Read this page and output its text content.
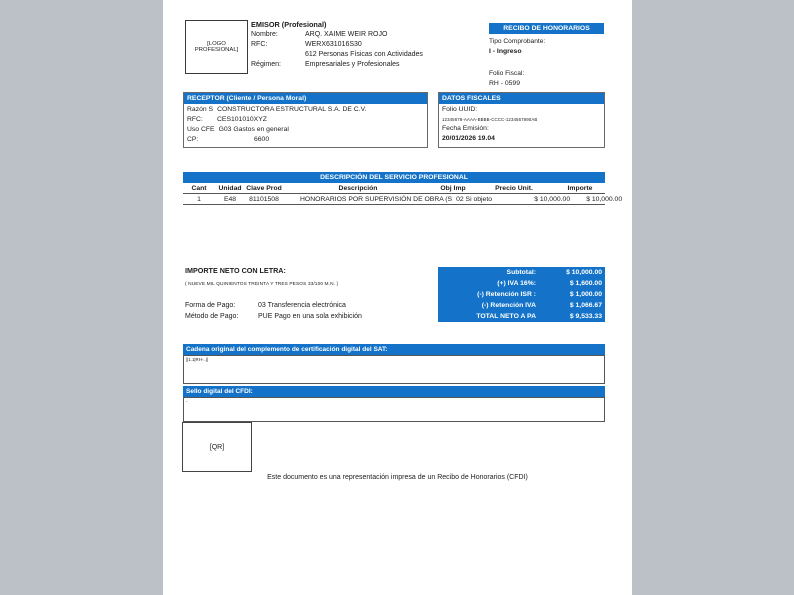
[LOGO PROFESIONAL]
EMISOR (Profesional)
Nombre:	ARQ. XAIME WEIR ROJO
RFC:	WERX631016S30
612 Personas Físicas con Actividades
Régimen:	Empresariales y Profesionales
RECIBO DE HONORARIOS
Tipo Comprobante:
I - Ingreso
Folio Fiscal:
RH - 0599
RECEPTOR (Cliente / Persona Moral)
Razón S CONSTRUCTORA ESTRUCTURAL S.A. DE C.V.
RFC:	CES101010XYZ
Uso CFE G03 Gastos en general
CP:	6600
DATOS FISCALES
Folio UUID:
12345678-AAAA-BBBB-CCCC-1234567890AB
Fecha Emisión:
20/01/2026 19.04
DESCRIPCIÓN DEL SERVICIO PROFESIONAL
Cant	Unidad Clave Prod	Descripción	Obj Imp	Precio Unit.	Importe
1	E48	81101508	HONORARIOS POR SUPERVISIÓN DE OBRA (S 02 Si objeto	$ 10,000.00	$ 10,000.00
IMPORTE NETO CON LETRA:
( NUEVE MIL QUINIENTOS TREINTA Y TRES PESOS 33/100 M.N. )
Forma de Pago:	03 Transferencia electrónica
Método de Pago:	PUE Pago en una sola exhibición
Subtotal:	$ 10,000.00
(+) IVA 16%:	$ 1,600.00
(-) Retención ISR :	$ 1,000.00
(-) Retención IVA	$ 1,066.67
TOTAL NETO A PA	$ 9,533.33
Cadena original del complemento de certificación digital del SAT:
||1.1|RH-..||
Sello digital del CFDI:
-
[QR]
Este documento es una representación impresa de un Recibo de Honorarios (CFDI)
